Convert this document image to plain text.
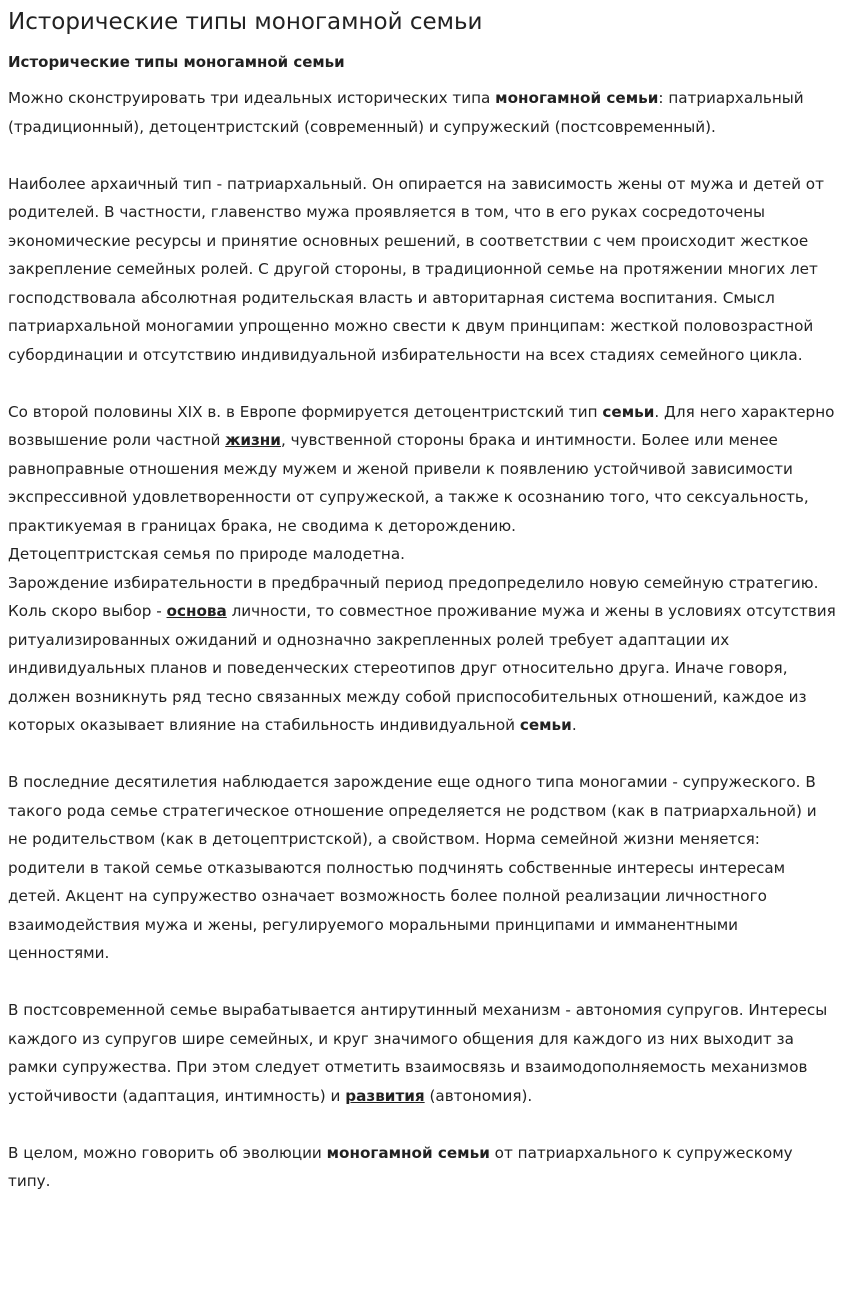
Исторические типы моногамной семьи
Исторические типы моногамной семьи

Можно сконструировать три идеальных исторических типа моногамной семьи: патриархальный (традиционный), детоцентристский (современный) и супружеский (постсовременный).

Наиболее архаичный тип - патриархальный. Он опирается на зависимость жены от мужа и детей от родителей. В частности, главенство мужа проявляется в том, что в его руках сосредоточены экономические ресурсы и принятие основных решений, в соответствии с чем происходит жесткое закрепление семейных ролей. С другой стороны, в традиционной семье на протяжении многих лет господствовала абсолютная родительская власть и авторитарная система воспитания. Смысл патриархальной моногамии упрощенно можно свести к двум принципам: жесткой половозрастной субординации и отсутствию индивидуальной избирательности на всех стадиях семейного цикла.

Со второй половины XIX в. в Европе формируется детоцентристский тип семьи. Для него характерно возвышение роли частной жизни, чувственной стороны брака и интимности. Более или менее равноправные отношения между мужем и женой привели к появлению устойчивой зависимости экспрессивной удовлетворенности от супружеской, а также к осознанию того, что сексуальность, практикуемая в границах брака, не сводима к деторождению.

Детоцептристская семья по природе малодетна.

Зарождение избирательности в предбрачный период предопределило новую семейную стратегию. Коль скоро выбор - основа личности, то совместное проживание мужа и жены в условиях отсутствия ритуализированных ожиданий и однозначно закрепленных ролей требует адаптации их индивидуальных планов и поведенческих стереотипов друг относительно друга. Иначе говоря, должен возникнуть ряд тесно связанных между собой приспособительных отношений, каждое из которых оказывает влияние на стабильность индивидуальной семьи.

В последние десятилетия наблюдается зарождение еще одного типа моногамии - супружеского. В такого рода семье стратегическое отношение определяется не родством (как в патриархальной) и не родительством (как в детоцептристской), а свойством. Норма семейной жизни меняется: родители в такой семье отказываются полностью подчинять собственные интересы интересам детей. Акцент на супружество означает возможность более полной реализации личностного взаимодействия мужа и жены, регулируемого моральными принципами и имманентными ценностями.

В постсовременной семье вырабатывается антирутинный механизм - автономия супругов. Интересы каждого из супругов шире семейных, и круг значимого общения для каждого из них выходит за рамки супружества. При этом следует отметить взаимосвязь и взаимодополняемость механизмов устойчивости (адаптация, интимность) и развития (автономия).

В целом, можно говорить об эволюции моногамной семьи от патриархального к супружескому типу.
